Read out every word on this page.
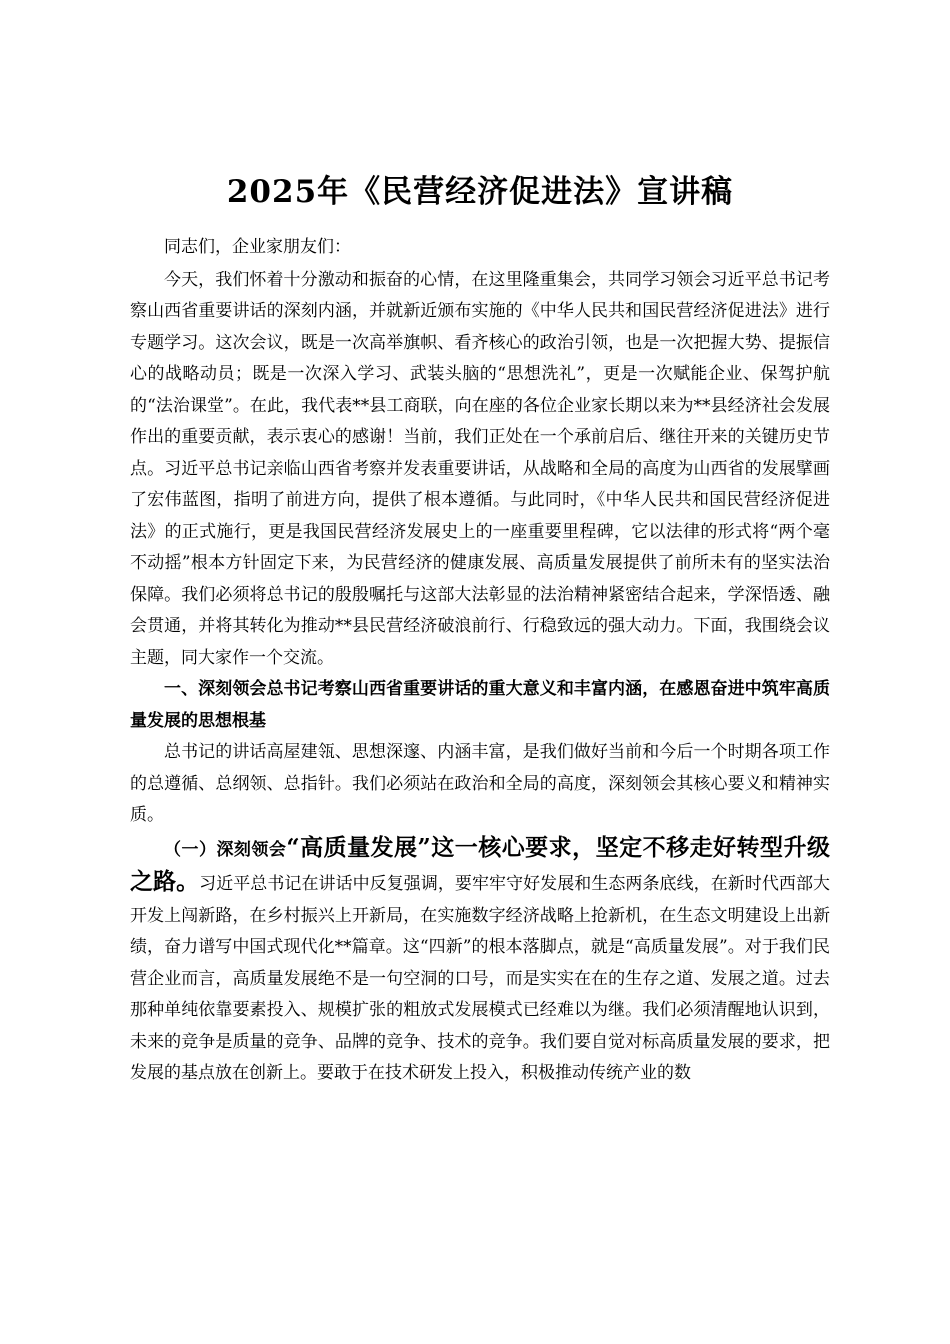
2025年《民营经济促进法》宣讲稿

同志们，企业家朋友们：

今天，我们怀着十分激动和振奋的心情，在这里隆重集会，共同学习领会习近平总书记考察山西省重要讲话的深刻内涵，并就新近颁布实施的《中华人民共和国民营经济促进法》进行专题学习。这次会议，既是一次高举旗帜、看齐核心的政治引领，也是一次把握大势、提振信心的战略动员；既是一次深入学习、武装头脑的“思想洗礼”，更是一次赋能企业、保驾护航的“法治课堂”。在此，我代表**县工商联，向在座的各位企业家长期以来为**县经济社会发展作出的重要贡献，表示衷心的感谢！当前，我们正处在一个承前启后、继往开来的关键历史节点。习近平总书记亲临山西省考察并发表重要讲话，从战略和全局的高度为山西省的发展擘画了宏伟蓝图，指明了前进方向，提供了根本遵循。与此同时，《中华人民共和国民营经济促进法》的正式施行，更是我国民营经济发展史上的一座重要里程碑，它以法律的形式将“两个毫不动摇”根本方针固定下来，为民营经济的健康发展、高质量发展提供了前所未有的坚实法治保障。我们必须将总书记的殷殷嘱托与这部大法彰显的法治精神紧密结合起来，学深悟透、融会贯通，并将其转化为推动**县民营经济破浪前行、行稳致远的强大动力。下面，我围绕会议主题，同大家作一个交流。

一、深刻领会总书记考察山西省重要讲话的重大意义和丰富内涵，在感恩奋进中筑牢高质量发展的思想根基

总书记的讲话高屋建瓴、思想深邃、内涵丰富，是我们做好当前和今后一个时期各项工作的总遵循、总纲领、总指针。我们必须站在政治和全局的高度，深刻领会其核心要义和精神实质。

（一）深刻领会“高质量发展”这一核心要求，坚定不移走好转型升级之路。习近平总书记在讲话中反复强调，要牢牢守好发展和生态两条底线，在新时代西部大开发上闯新路，在乡村振兴上开新局，在实施数字经济战略上抢新机，在生态文明建设上出新绩，奋力谱写中国式现代化**篇章。这“四新”的根本落脚点，就是“高质量发展”。对于我们民营企业而言，高质量发展绝不是一句空洞的口号，而是实实在在的生存之道、发展之道。过去那种单纯依靠要素投入、规模扩张的粗放式发展模式已经难以为继。我们必须清醒地认识到，未来的竞争是质量的竞争、品牌的竞争、技术的竞争。我们要自觉对标高质量发展的要求，把发展的基点放在创新上。要敢于在技术研发上投入，积极推动传统产业的数
